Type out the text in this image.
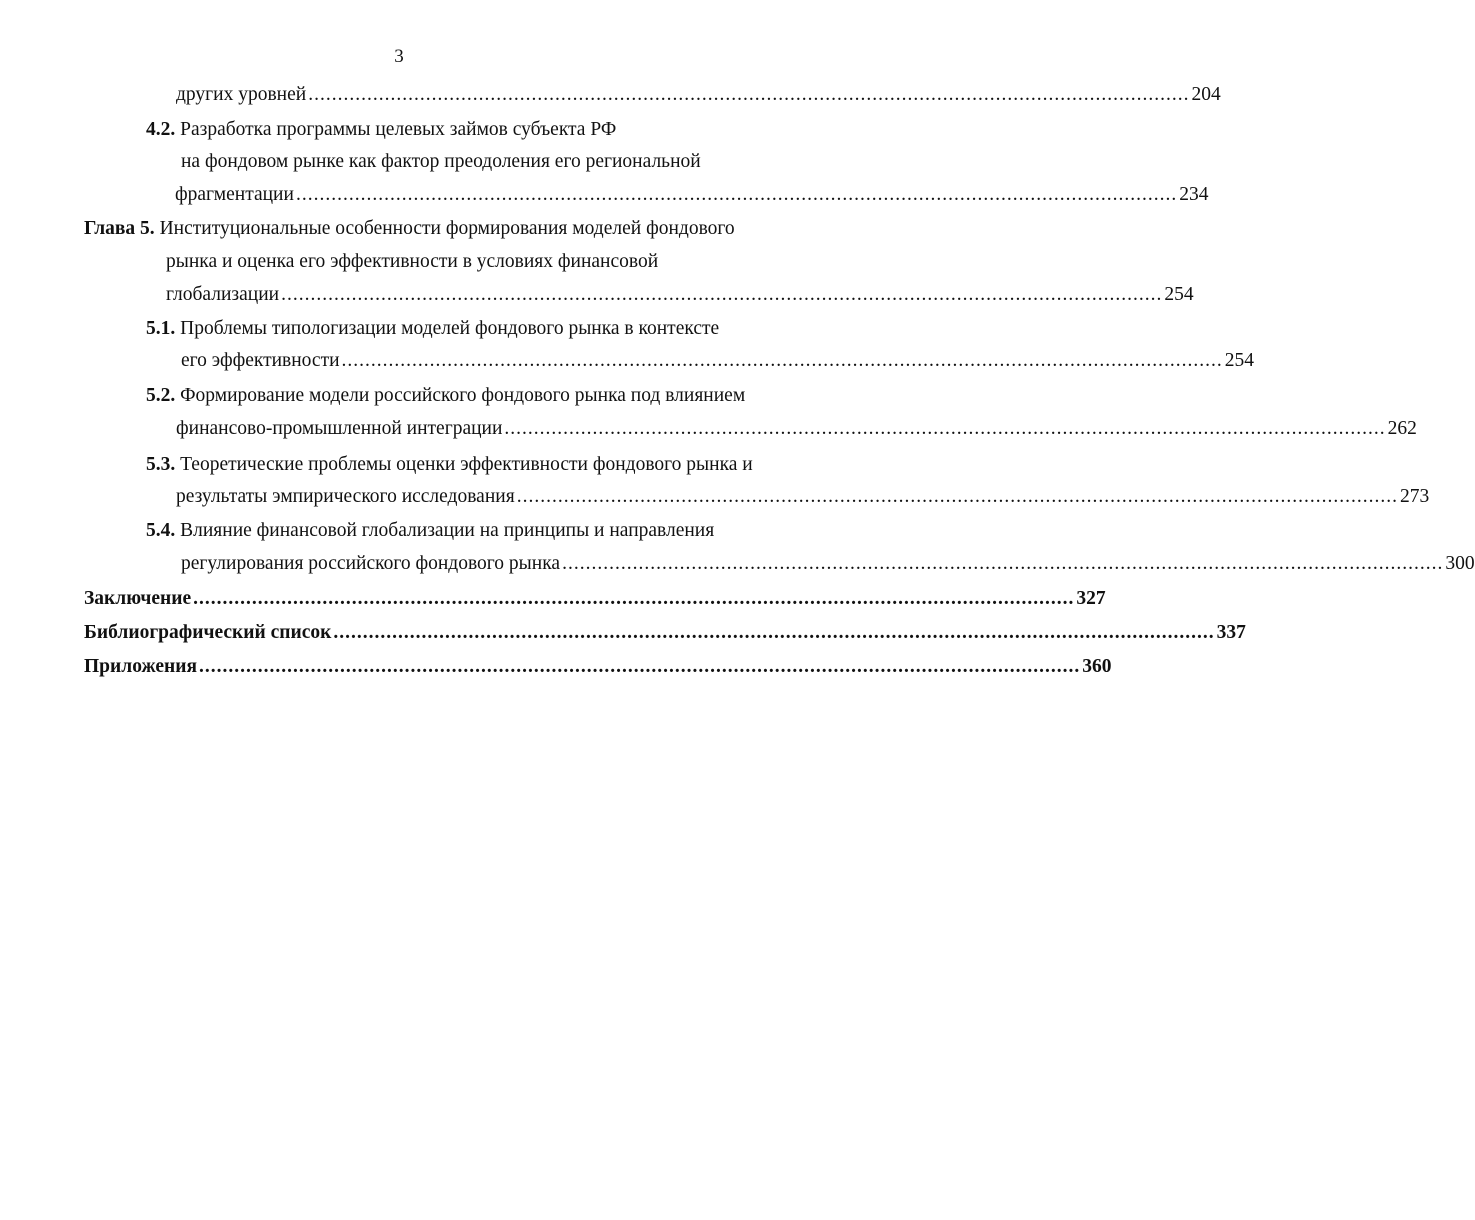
3
других уровней ...................................................................................................................................................... 204
4.2. Разработка программы целевых займов субъекта РФ
на фондовом рынке как фактор преодоления его региональной
фрагментации ...................................................................................................................................................... 234
Глава 5. Институциональные особенности формирования моделей фондового
рынка и оценка его эффективности в условиях финансовой
глобализации ...................................................................................................................................................... 254
5.1. Проблемы типологизации моделей фондового рынка в контексте
его эффективности ...................................................................................................................................................... 254
5.2. Формирование модели российского фондового рынка под влиянием
финансово-промышленной интеграции ...................................................................................................................................................... 262
5.3. Теоретические проблемы оценки эффективности фондового рынка и
результаты эмпирического исследования ...................................................................................................................................................... 273
5.4. Влияние финансовой глобализации на принципы и направления
регулирования российского фондового рынка ...................................................................................................................................................... 300
Заключение ...................................................................................................................................................... 327
Библиографический список ...................................................................................................................................................... 337
Приложения ...................................................................................................................................................... 360
